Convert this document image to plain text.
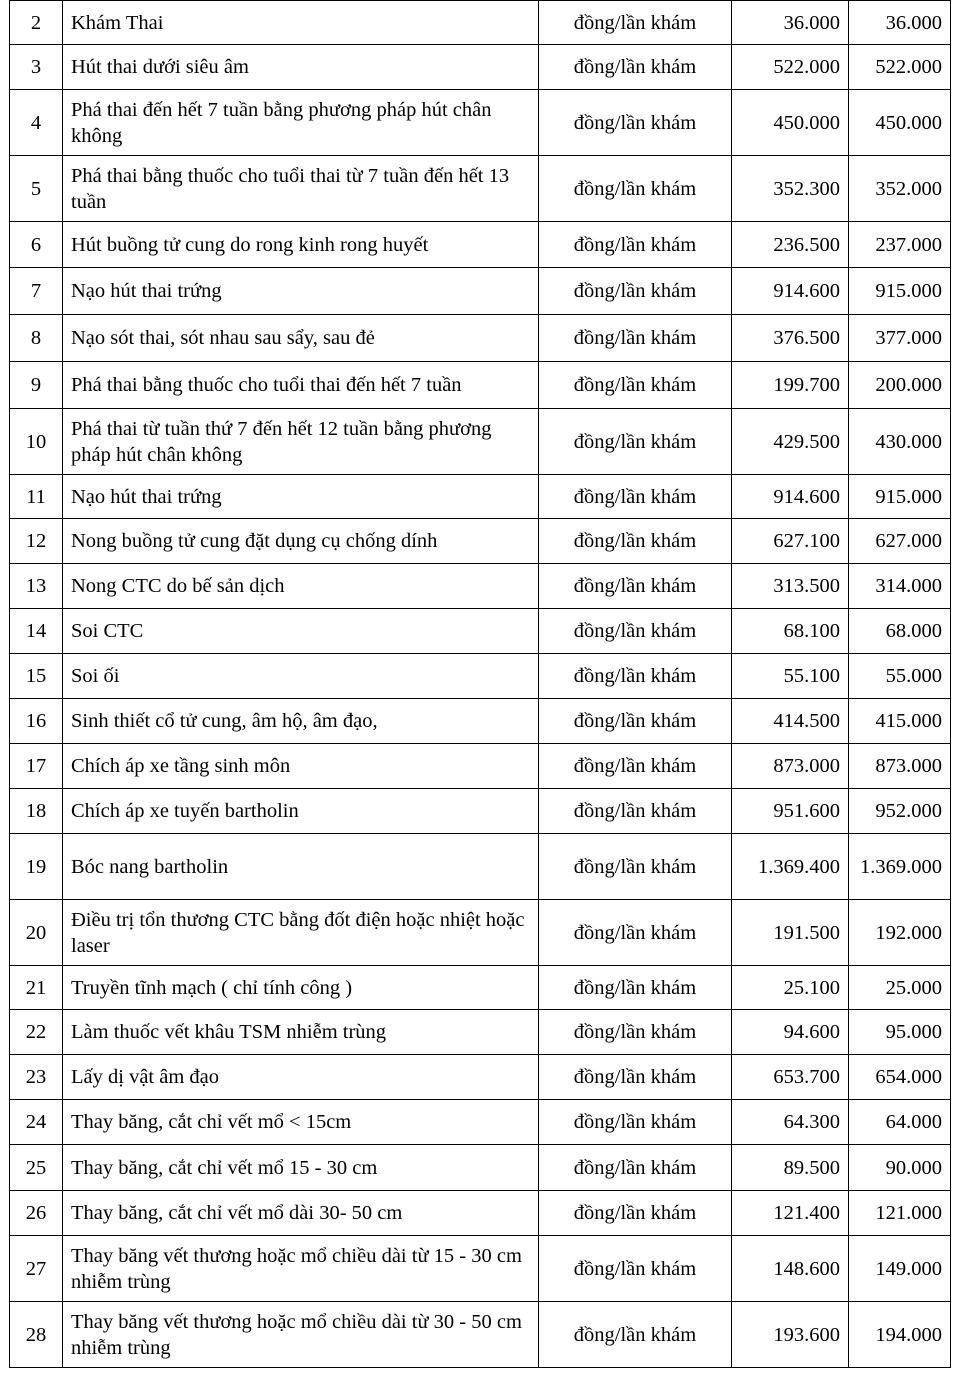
2	Khám Thai	đồng/lần khám	36.000	36.000
3	Hút thai dưới siêu âm	đồng/lần khám	522.000	522.000
4	Phá thai đến hết 7 tuần bằng phương pháp hút chân không	đồng/lần khám	450.000	450.000
5	Phá thai bằng thuốc cho tuổi thai từ 7 tuần đến hết 13 tuần	đồng/lần khám	352.300	352.000
6	Hút buồng tử cung do rong kinh rong huyết	đồng/lần khám	236.500	237.000
7	Nạo hút thai trứng	đồng/lần khám	914.600	915.000
8	Nạo sót thai, sót nhau sau sẩy, sau đẻ	đồng/lần khám	376.500	377.000
9	Phá thai bằng thuốc cho tuổi thai đến hết 7 tuần	đồng/lần khám	199.700	200.000
10	Phá thai từ tuần thứ 7 đến hết 12 tuần bằng phương pháp hút chân không	đồng/lần khám	429.500	430.000
11	Nạo hút thai trứng	đồng/lần khám	914.600	915.000
12	Nong buồng tử cung đặt dụng cụ chống dính	đồng/lần khám	627.100	627.000
13	Nong CTC do bế sản dịch	đồng/lần khám	313.500	314.000
14	Soi CTC	đồng/lần khám	68.100	68.000
15	Soi ối	đồng/lần khám	55.100	55.000
16	Sinh thiết cổ tử cung, âm hộ, âm đạo,	đồng/lần khám	414.500	415.000
17	Chích áp xe tầng sinh môn	đồng/lần khám	873.000	873.000
18	Chích áp xe tuyến bartholin	đồng/lần khám	951.600	952.000
19	Bóc nang bartholin	đồng/lần khám	1.369.400	1.369.000
20	Điều trị tổn thương CTC bằng đốt điện hoặc nhiệt hoặc laser	đồng/lần khám	191.500	192.000
21	Truyền tĩnh mạch ( chỉ tính công )	đồng/lần khám	25.100	25.000
22	Làm thuốc vết khâu TSM nhiễm trùng	đồng/lần khám	94.600	95.000
23	Lấy dị vật âm đạo	đồng/lần khám	653.700	654.000
24	Thay băng, cắt chỉ vết mổ < 15cm	đồng/lần khám	64.300	64.000
25	Thay băng, cắt chỉ vết mổ 15 - 30 cm	đồng/lần khám	89.500	90.000
26	Thay băng, cắt chỉ vết mổ dài 30- 50 cm	đồng/lần khám	121.400	121.000
27	Thay băng vết thương hoặc mổ chiều dài từ 15 - 30 cm nhiễm trùng	đồng/lần khám	148.600	149.000
28	Thay băng vết thương hoặc mổ chiều dài từ 30 - 50 cm nhiễm trùng	đồng/lần khám	193.600	194.000
